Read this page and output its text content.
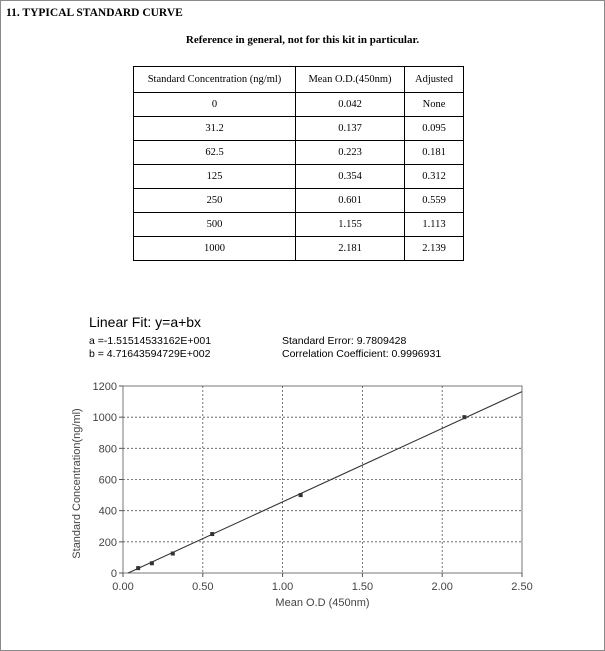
11. TYPICAL STANDARD CURVE
Reference in general, not for this kit in particular.
Standard Concentration (ng/ml)	Mean O.D.(450nm)	Adjusted
0	0.042	None
31.2	0.137	0.095
62.5	0.223	0.181
125	0.354	0.312
250	0.601	0.559
500	1.155	1.113
1000	2.181	2.139
Linear Fit: y=a+bx
a =-1.51514533162E+001
b = 4.71643594729E+002
Standard Error: 9.7809428
Correlation Coefficient: 0.9996931
0.00	0.50	1.00	1.50	2.00	2.50
0
200
400
600
800
1000
1200
Mean O.D (450nm)
Standard Concentration(ng/ml)
